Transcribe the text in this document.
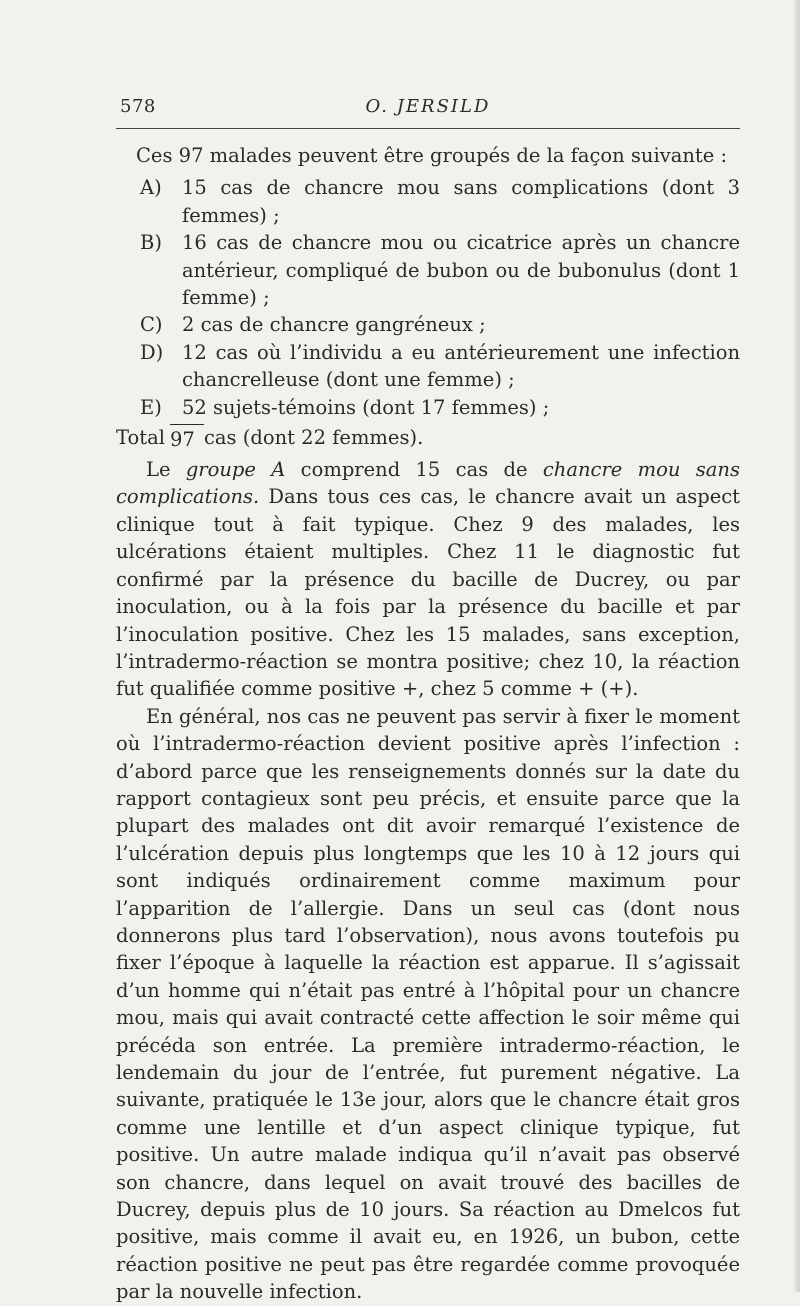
578	O. JERSILD
Ces 97 malades peuvent être groupés de la façon suivante :
A)	15 cas de chancre mou sans complications (dont 3 femmes) ;
B)	16 cas de chancre mou ou cicatrice après un chancre antérieur, compliqué de bubon ou de bubonulus (dont 1 femme) ;
C) 2 cas de chancre gangréneux ;
D) 12 cas où l’individu a eu antérieurement une infection chancrelleuse (dont une femme) ;
E)	52 sujets-témoins (dont 17 femmes) ;
Total 97 cas (dont 22 femmes).

Le groupe A comprend 15 cas de chancre mou sans complications. Dans tous ces cas, le chancre avait un aspect clinique tout à fait typique. Chez 9 des malades, les ulcérations étaient multiples. Chez 11 le diagnostic fut confirmé par la présence du bacille de Ducrey, ou par inoculation, ou à la fois par la présence du bacille et par l’inoculation positive. Chez les 15 malades, sans exception, l’intradermo-réaction se montra positive; chez 10, la réaction fut qualifiée comme positive +, chez 5 comme + (+).

En général, nos cas ne peuvent pas servir à fixer le moment où l’intradermo-réaction devient positive après l’infection : d’abord parce que les renseignements donnés sur la date du rapport contagieux sont peu précis, et ensuite parce que la plupart des malades ont dit avoir remarqué l’existence de l’ulcération depuis plus longtemps que les 10 à 12 jours qui sont indiqués ordinairement comme maximum pour l’apparition de l’allergie. Dans un seul cas (dont nous donnerons plus tard l’observation), nous avons toutefois pu fixer l’époque à laquelle la réaction est apparue. Il s’agissait d’un homme qui n’était pas entré à l’hôpital pour un chancre mou, mais qui avait contracté cette affection le soir même qui précéda son entrée. La première intradermo-réaction, le lendemain du jour de l’entrée, fut purement négative. La suivante, pratiquée le 13e jour, alors que le chancre était gros comme une lentille et d’un aspect clinique typique, fut positive. Un autre malade indiqua qu’il n’avait pas observé son chancre, dans lequel on avait trouvé des bacilles de Ducrey, depuis plus de 10 jours. Sa réaction au Dmelcos fut positive, mais comme il avait eu, en 1926, un bubon, cette réaction positive ne peut pas être regardée comme provoquée par la nouvelle infection.
